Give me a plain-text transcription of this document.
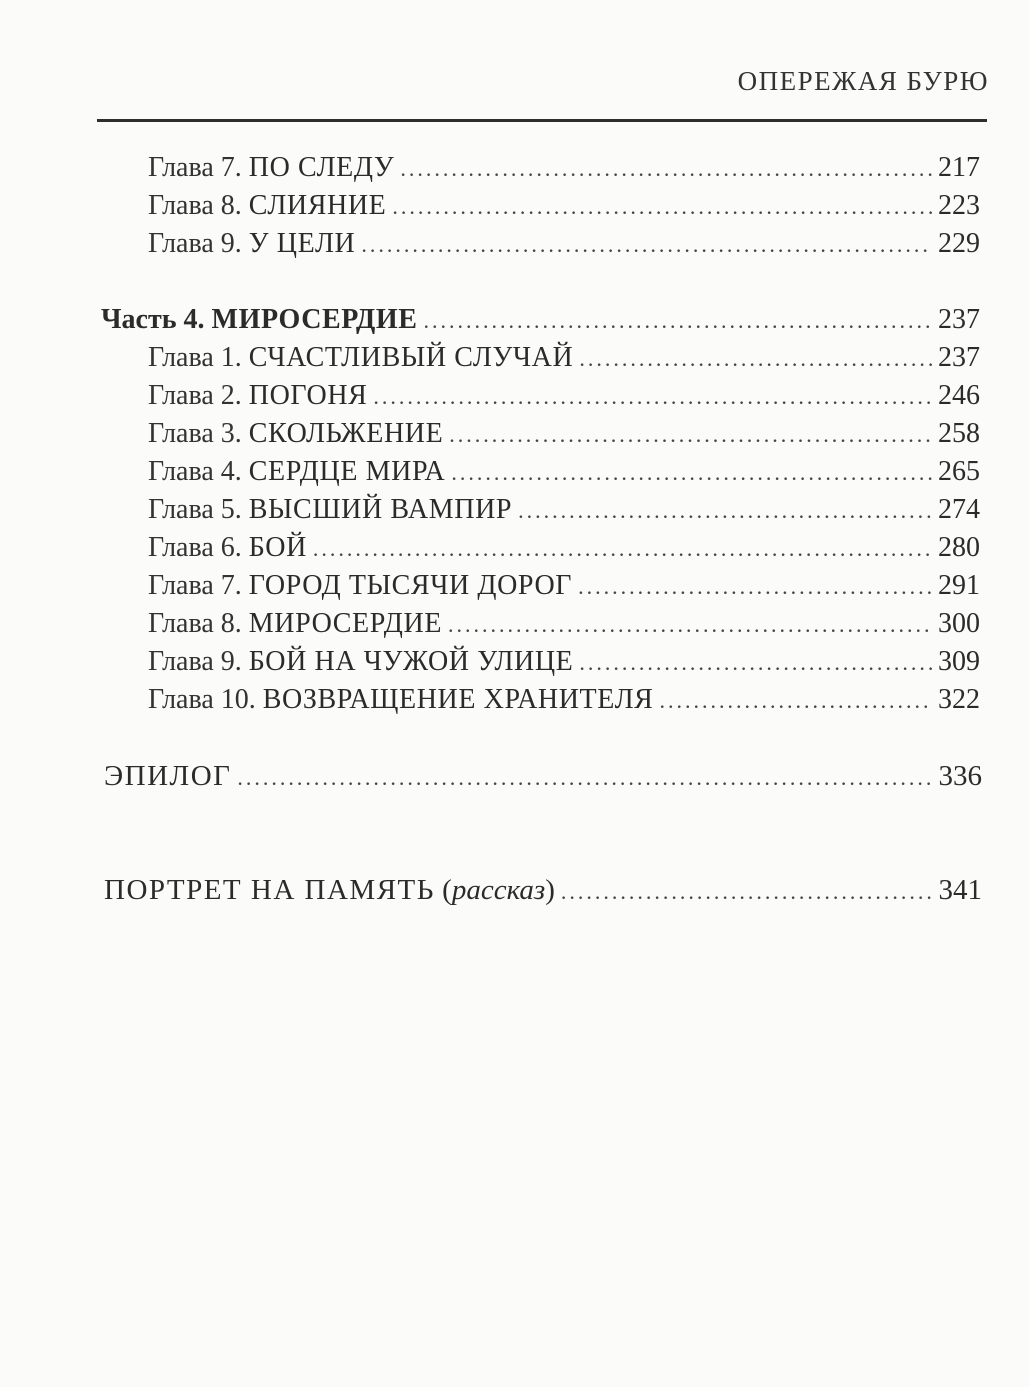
ОПЕРЕЖАЯ БУРЮ
Глава 7. ПО СЛЕДУ .....	217
Глава 8. СЛИЯНИЕ .....	223
Глава 9. У ЦЕЛИ .....	229
Часть 4. МИРОСЕРДИЕ .....	237
Глава 1. СЧАСТЛИВЫЙ СЛУЧАЙ .....	237
Глава 2. ПОГОНЯ .....	246
Глава 3. СКОЛЬЖЕНИЕ .....	258
Глава 4. СЕРДЦЕ МИРА .....	265
Глава 5. ВЫСШИЙ ВАМПИР .....	274
Глава 6. БОЙ .....	280
Глава 7. ГОРОД ТЫСЯЧИ ДОРОГ .....	291
Глава 8. МИРОСЕРДИЕ .....	300
Глава 9. БОЙ НА ЧУЖОЙ УЛИЦЕ .....	309
Глава 10. ВОЗВРАЩЕНИЕ ХРАНИТЕЛЯ .....	322
ЭПИЛОГ .....	336
ПОРТРЕТ НА ПАМЯТЬ (рассказ) .....	341
